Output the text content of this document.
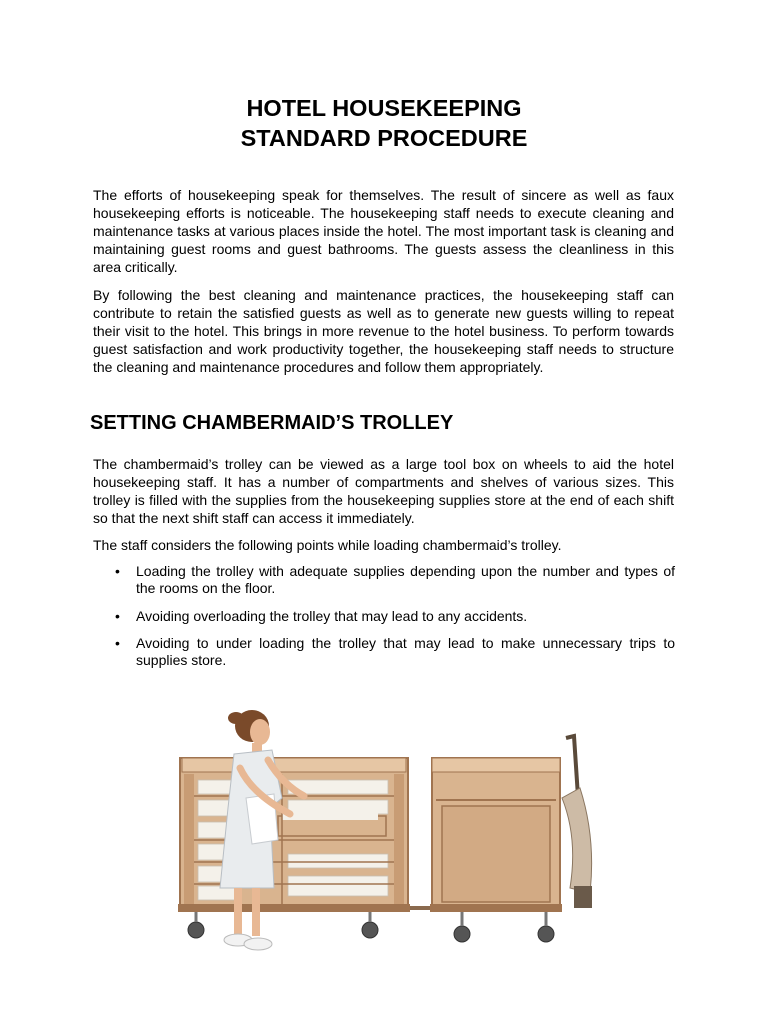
HOTEL HOUSEKEEPING
STANDARD PROCEDURE

The efforts of housekeeping speak for themselves. The result of sincere as well as faux housekeeping efforts is noticeable. The housekeeping staff needs to execute cleaning and maintenance tasks at various places inside the hotel. The most important task is cleaning and maintaining guest rooms and guest bathrooms. The guests assess the cleanliness in this area critically.

By following the best cleaning and maintenance practices, the housekeeping staff can contribute to retain the satisfied guests as well as to generate new guests willing to repeat their visit to the hotel. This brings in more revenue to the hotel business. To perform towards guest satisfaction and work productivity together, the housekeeping staff needs to structure the cleaning and maintenance procedures and follow them appropriately.

SETTING CHAMBERMAID’S TROLLEY

The chambermaid’s trolley can be viewed as a large tool box on wheels to aid the hotel housekeeping staff. It has a number of compartments and shelves of various sizes. This trolley is filled with the supplies from the housekeeping supplies store at the end of each shift so that the next shift staff can access it immediately.

The staff considers the following points while loading chambermaid’s trolley.

• Loading the trolley with adequate supplies depending upon the number and types of the rooms on the floor.
• Avoiding overloading the trolley that may lead to any accidents.
• Avoiding to under loading the trolley that may lead to make unnecessary trips to supplies store.
